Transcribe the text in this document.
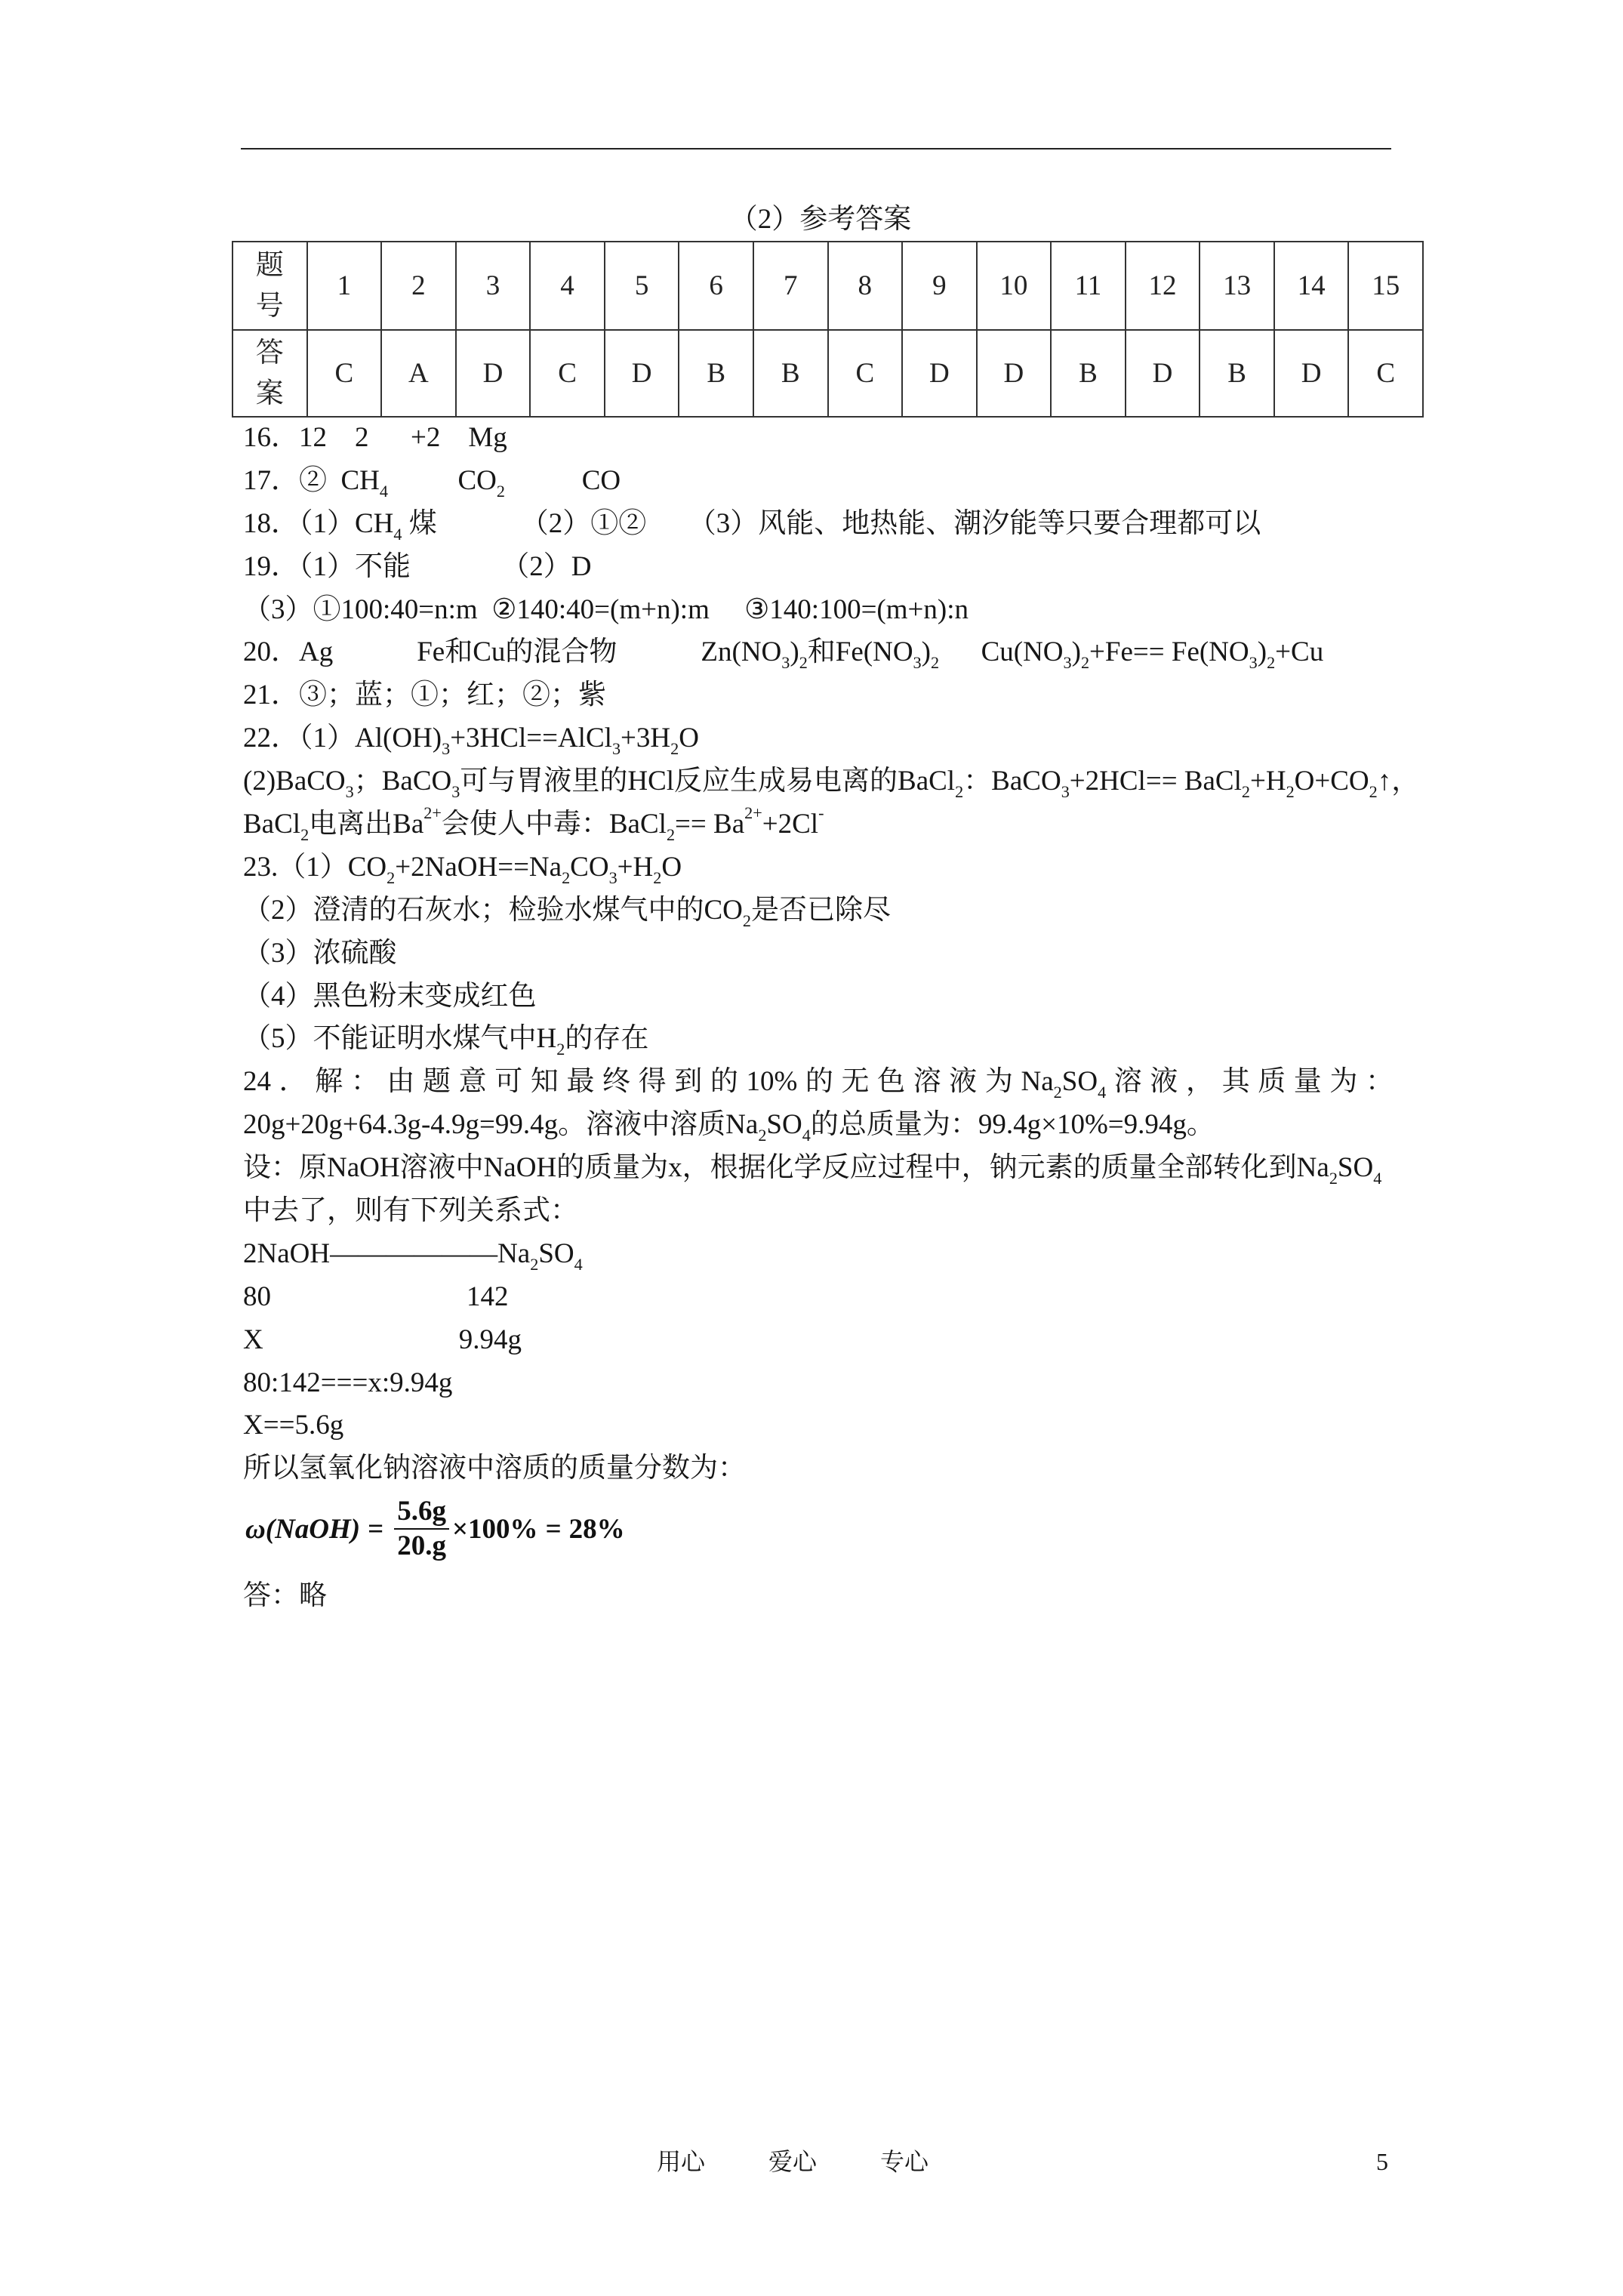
（2）参考答案
题号	1	2	3	4	5	6	7	8	9	10	11	12	13	14	15
答案	C	A	D	C	D	B	B	C	D	D	B	D	B	D	C
16．12    2      +2    Mg
17．②  $CH_4$          $CO_2$           CO
18．$(1)CH_4$ 煤            （2）①②      （3）风能、地热能、潮汐能等只要合理都可以
19．（1）不能             （2）D
（3）①100:40=n:m  ②140:40=(m+n):m     ③140:100=(m+n):n
20．Ag            Fe和Cu的混合物            $Zn(NO_3)_2$和$Fe(NO_3)_2$      $Cu(NO_3)_2+Fe== Fe(NO_3)_2+Cu$
21．③；蓝；①；红；②；紫
22．$(1)Al(OH)_3+3HCl==AlCl_3+3H_2O$
(2)BaCO$_3$；BaCO$_3$可与胃液里的HCl反应生成易电离的BaCl$_2$：BaCO$_3$+2HCl== $BaCl_2+H_2O+CO_2↑$，
BaCl$_2$电离出$Ba^{2+}$会使人中毒：BaCl$_2$== $Ba^{2+}+2Cl^-$
$23.(1)CO_2+2NaOH==Na_2CO_3+H_2O$
（2）澄清的石灰水；检验水煤气中的$CO_2$是否已除尽
（3）浓硫酸
（4）黑色粉末变成红色
（5）不能证明水煤气中$H_2$的存在
24．解：由题意可知最终得到的10%的无色溶液为$Na_2SO_4$溶液，其质量为：
20g+20g+64.3g-4.9g=99.4g。溶液中溶质$Na_2SO_4$的总质量为：99.4g×10%=9.94g。
设：原NaOH溶液中NaOH的质量为x，根据化学反应过程中，钠元素的质量全部转化到$Na_2SO_4$
中去了，则有下列关系式：
$2NaOH——————Na_2SO_4$
80　　　　　　　142
X　　　　　　　9.94g
80:142===x:9.94g
X==5.6g
所以氢氧化钠溶液中溶质的质量分数为：
ω(NaOH) = $\frac{5.6g}{20.g} \times 100\% = 28\%$
答：略
用心	爱心	专心	5
